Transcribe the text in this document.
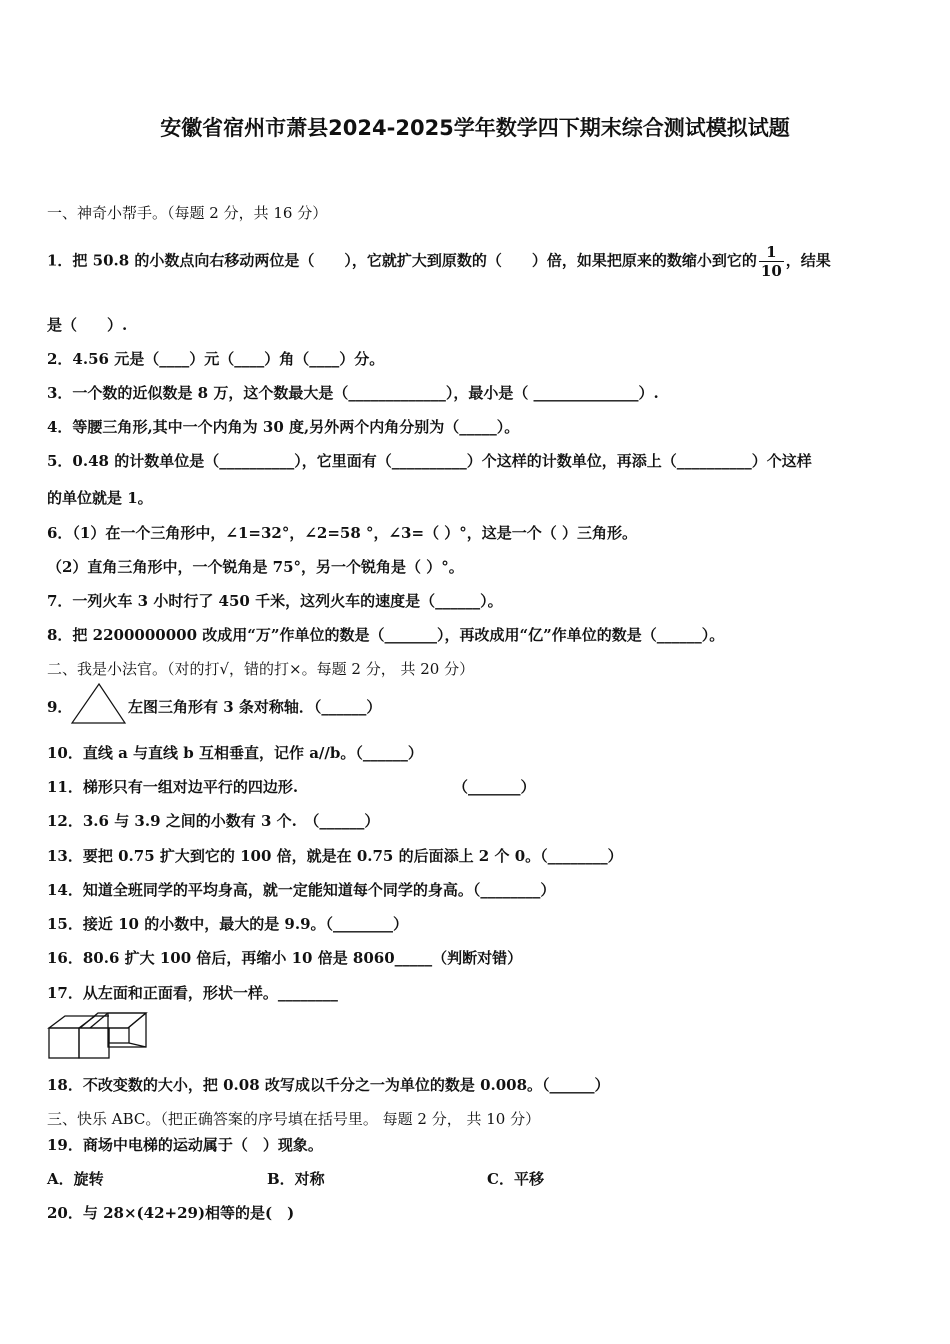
安徽省宿州市萧县2024-2025学年数学四下期末综合测试模拟试题
一、神奇小帮手。（每题 2 分，共 16 分）
1．把 50.8 的小数点向右移动两位是（　　），它就扩大到原数的（　　）倍，如果把原来的数缩小到它的 $\frac{1}{10}$ ，结果
是（　　）.
2．4.56 元是（____）元（____）角（____）分。
3．一个数的近似数是 8 万，这个数最大是（_____________），最小是（ ______________）.
4．等腰三角形,其中一个内角为 30 度,另外两个内角分别为（_____）。
5．0.48 的计数单位是（__________），它里面有（__________）个这样的计数单位，再添上（__________）个这样
的单位就是 1。
6．（1）在一个三角形中，∠1=32°，∠2=58 °，∠3=（ ）°，这是一个（ ）三角形。
（2）直角三角形中，一个锐角是 75°，另一个锐角是（ ）°。
7．一列火车 3 小时行了 450 千米，这列火车的速度是（______）。
8．把 2200000000 改成用“万”作单位的数是（_______），再改成用“亿”作单位的数是（______）。
二、我是小法官。（对的打√，错的打×。每题 2 分， 共 20 分）
9．	左图三角形有 3 条对称轴．（______）
10．直线 a 与直线 b 互相垂直，记作 a//b。（______）
11．梯形只有一组对边平行的四边形.	（_______）
12．3.6 与 3.9 之间的小数有 3 个.　（______）
13．要把 0.75 扩大到它的 100 倍，就是在 0.75 的后面添上 2 个 0。（________）
14．知道全班同学的平均身高，就一定能知道每个同学的身高。（________）
15．接近 10 的小数中，最大的是 9.9。（________）
16．80.6 扩大 100 倍后，再缩小 10 倍是 8060_____（判断对错）
17．从左面和正面看，形状一样。________
18．不改变数的大小，把 0.08 改写成以千分之一为单位的数是 0.008。（______）
三、快乐 ABC。（把正确答案的序号填在括号里。 每题 2 分， 共 10 分）
19．商场中电梯的运动属于（　）现象。
A．旋转	B．对称	C．平移
20．与 28×(42+29)相等的是(　)
